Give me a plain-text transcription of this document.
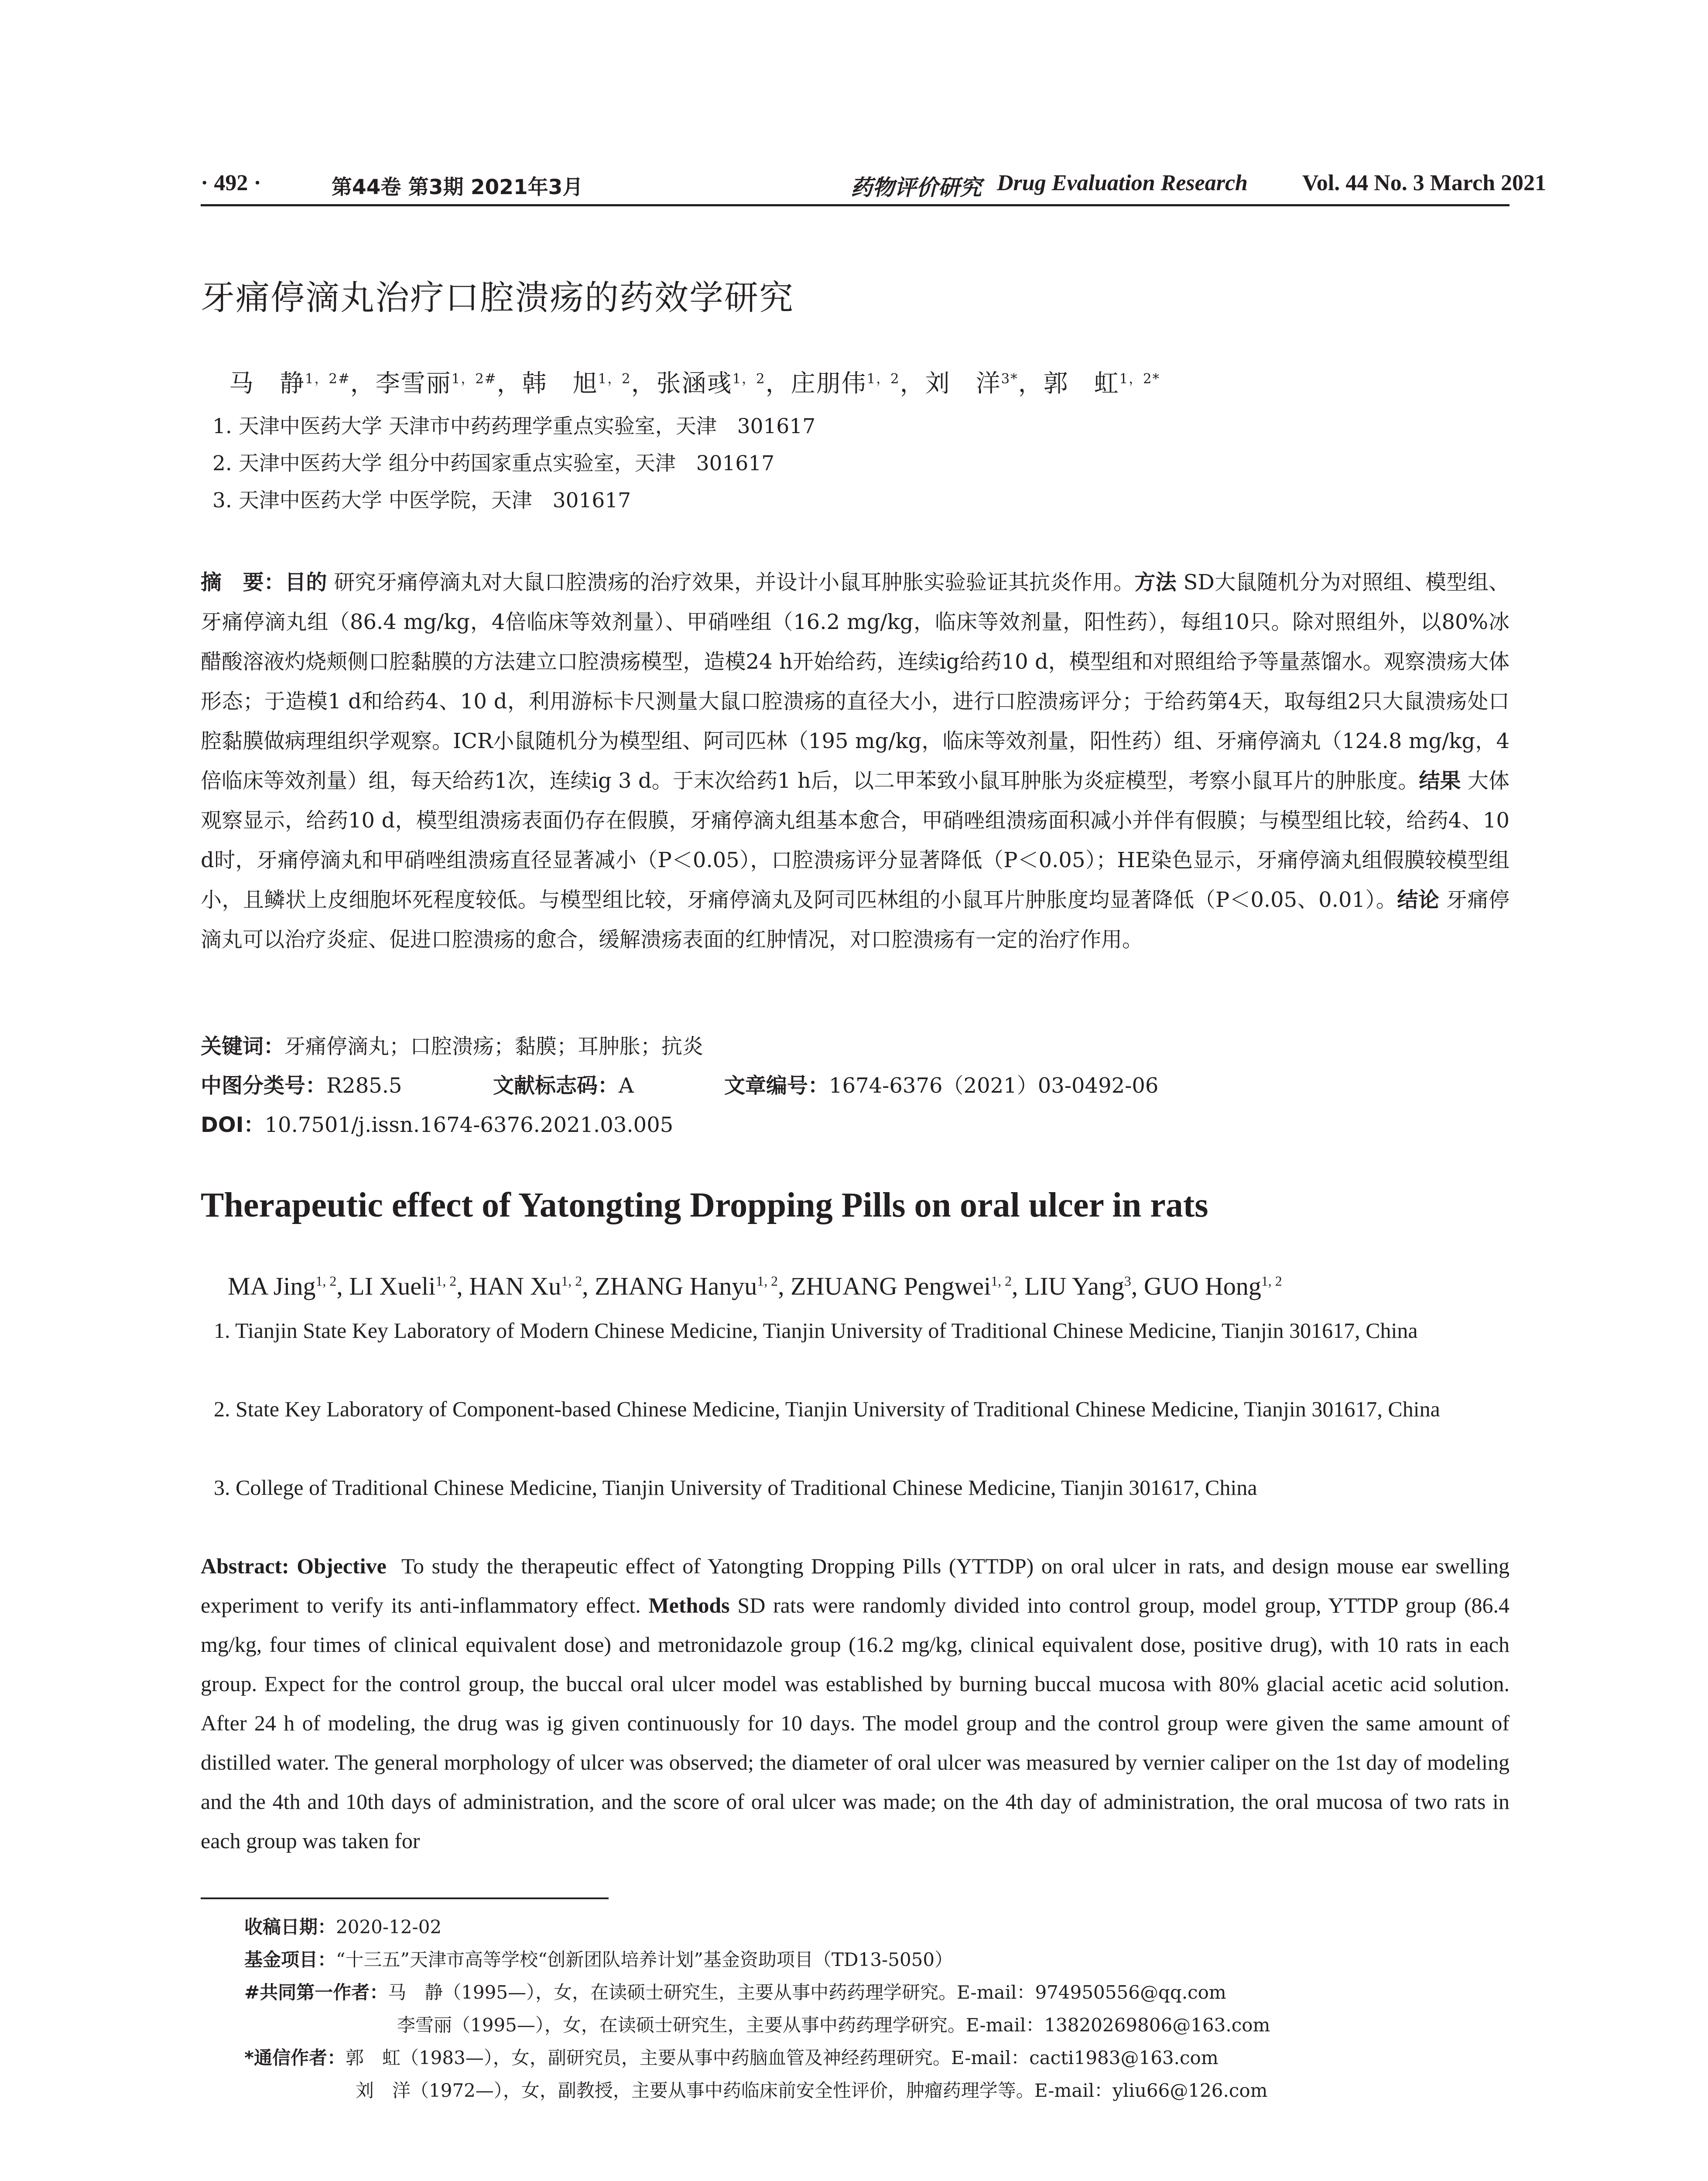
· 492 ·	第44卷 第3期 2021年3月	药物评价研究 Drug Evaluation Research Vol. 44 No. 3 March 2021
牙痛停滴丸治疗口腔溃疡的药效学研究
马　静$^{1,2\#}$，李雪丽$^{1,2\#}$，韩　旭$^{1,2}$，张涵彧$^{1,2}$，庄朋伟$^{1,2}$，刘　洋$^{3*}$，郭　虹$^{1,2*}$
1. 天津中医药大学 天津市中药药理学重点实验室，天津　301617
2. 天津中医药大学 组分中药国家重点实验室，天津　301617
3. 天津中医药大学 中医学院，天津　301617
摘　要：目的 研究牙痛停滴丸对大鼠口腔溃疡的治疗效果，并设计小鼠耳肿胀实验验证其抗炎作用。方法 SD大鼠随机分为对照组、模型组、牙痛停滴丸组（86.4 mg/kg，4倍临床等效剂量）、甲硝唑组（16.2 mg/kg，临床等效剂量，阳性药），每组10只。除对照组外，以80%冰醋酸溶液灼烧颊侧口腔黏膜的方法建立口腔溃疡模型，造模24 h开始给药，连续ig给药10 d，模型组和对照组给予等量蒸馏水。观察溃疡大体形态；于造模1 d和给药4、10 d，利用游标卡尺测量大鼠口腔溃疡的直径大小，进行口腔溃疡评分；于给药第4天，取每组2只大鼠溃疡处口腔黏膜做病理组织学观察。ICR小鼠随机分为模型组、阿司匹林（195 mg/kg，临床等效剂量，阳性药）组、牙痛停滴丸（124.8 mg/kg，4倍临床等效剂量）组，每天给药1次，连续ig 3 d。于末次给药1 h后，以二甲苯致小鼠耳肿胀为炎症模型，考察小鼠耳片的肿胀度。结果 大体观察显示，给药10 d，模型组溃疡表面仍存在假膜，牙痛停滴丸组基本愈合，甲硝唑组溃疡面积减小并伴有假膜；与模型组比较，给药4、10 d时，牙痛停滴丸和甲硝唑组溃疡直径显著减小（P＜0.05），口腔溃疡评分显著降低（P＜0.05）；HE染色显示，牙痛停滴丸组假膜较模型组小，且鳞状上皮细胞坏死程度较低。与模型组比较，牙痛停滴丸及阿司匹林组的小鼠耳片肿胀度均显著降低（P＜0.05、0.01）。结论 牙痛停滴丸可以治疗炎症、促进口腔溃疡的愈合，缓解溃疡表面的红肿情况，对口腔溃疡有一定的治疗作用。
关键词：牙痛停滴丸；口腔溃疡；黏膜；耳肿胀；抗炎
中图分类号：R285.5	文献标志码：A	文章编号：1674-6376（2021）03-0492-06
DOI：10.7501/j.issn.1674-6376.2021.03.005
Therapeutic effect of Yatongting Dropping Pills on oral ulcer in rats
MA Jing$^{1, 2}$, LI Xueli$^{1, 2}$, HAN Xu$^{1, 2}$, ZHANG Hanyu$^{1, 2}$, ZHUANG Pengwei$^{1, 2}$, LIU Yang$^3$, GUO Hong$^{1, 2}$
1. Tianjin State Key Laboratory of Modern Chinese Medicine, Tianjin University of Traditional Chinese Medicine, Tianjin 301617, China
2. State Key Laboratory of Component-based Chinese Medicine, Tianjin University of Traditional Chinese Medicine, Tianjin 301617, China
3. College of Traditional Chinese Medicine, Tianjin University of Traditional Chinese Medicine, Tianjin 301617, China
Abstract: Objective To study the therapeutic effect of Yatongting Dropping Pills (YTTDP) on oral ulcer in rats, and design mouse ear swelling experiment to verify its anti-inflammatory effect. Methods SD rats were randomly divided into control group, model group, YTTDP group (86.4 mg/kg, four times of clinical equivalent dose) and metronidazole group (16.2 mg/kg, clinical equivalent dose, positive drug), with 10 rats in each group. Expect for the control group, the buccal oral ulcer model was established by burning buccal mucosa with 80% glacial acetic acid solution. After 24 h of modeling, the drug was ig given continuously for 10 days. The model group and the control group were given the same amount of distilled water. The general morphology of ulcer was observed; the diameter of oral ulcer was measured by vernier caliper on the 1st day of modeling and the 4th and 10th days of administration, and the score of oral ulcer was made; on the 4th day of administration, the oral mucosa of two rats in each group was taken for
收稿日期：2020-12-02
基金项目：“十三五”天津市高等学校“创新团队培养计划”基金资助项目（TD13-5050）
#共同第一作者：马　静（1995—），女，在读硕士研究生，主要从事中药药理学研究。E-mail：974950556@qq.com
李雪丽（1995—），女，在读硕士研究生，主要从事中药药理学研究。E-mail：13820269806@163.com
*通信作者：郭　虹（1983—），女，副研究员，主要从事中药脑血管及神经药理研究。E-mail：cacti1983@163.com
刘　洋（1972—），女，副教授，主要从事中药临床前安全性评价，肿瘤药理学等。E-mail：yliu66@126.com
